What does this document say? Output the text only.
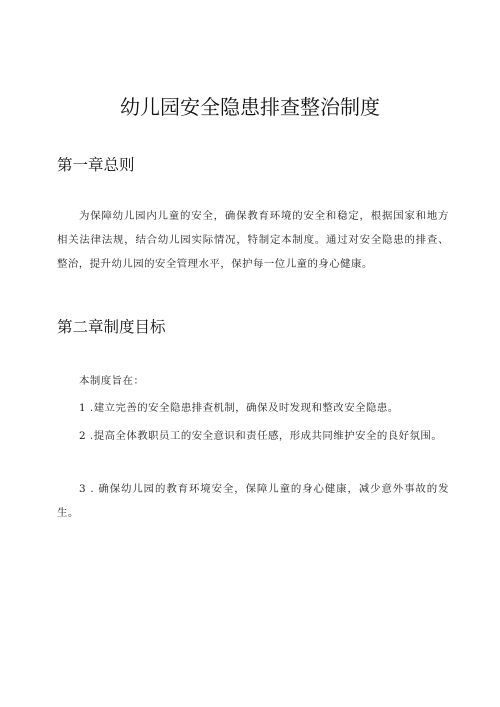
幼儿园安全隐患排查整治制度
第一章总则

为保障幼儿园内儿童的安全，确保教育环境的安全和稳定，根据国家和地方相关法律法规，结合幼儿园实际情况，特制定本制度。通过对安全隐患的排查、整治，提升幼儿园的安全管理水平，保护每一位儿童的身心健康。

第二章制度目标

本制度旨在：

1 .建立完善的安全隐患排查机制，确保及时发现和整改安全隐患。

2 .提高全体教职员工的安全意识和责任感，形成共同维护安全的良好氛围。

3 . 确保幼儿园的教育环境安全，保障儿童的身心健康，减少意外事故的发生。
